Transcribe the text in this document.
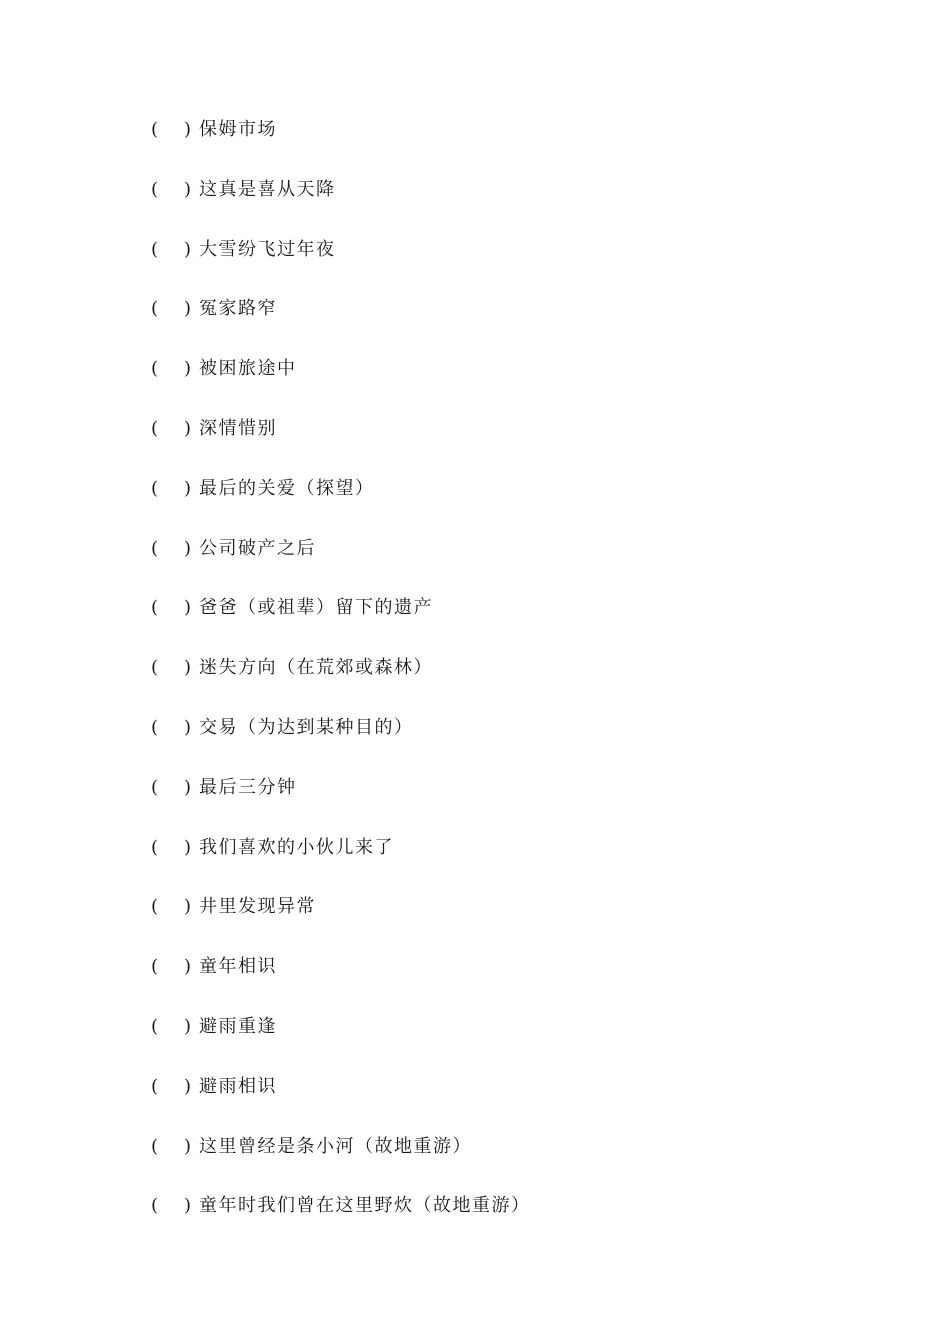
( ) 保姆市场
( ) 这真是喜从天降
( ) 大雪纷飞过年夜
( ) 冤家路窄
( ) 被困旅途中
( ) 深情惜别
( ) 最后的关爱（探望）
( ) 公司破产之后
( ) 爸爸（或祖辈）留下的遗产
( ) 迷失方向（在荒郊或森林）
( ) 交易（为达到某种目的）
( ) 最后三分钟
( ) 我们喜欢的小伙儿来了
( ) 井里发现异常
( ) 童年相识
( ) 避雨重逢
( ) 避雨相识
( ) 这里曾经是条小河（故地重游）
( ) 童年时我们曾在这里野炊（故地重游）
